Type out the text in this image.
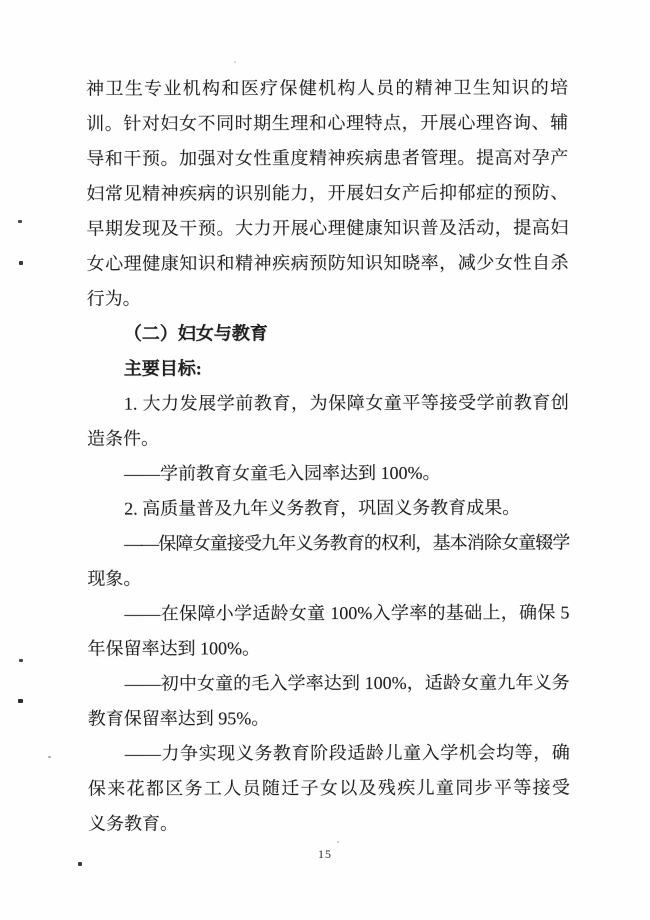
神卫生专业机构和医疗保健机构人员的精神卫生知识的培
训。针对妇女不同时期生理和心理特点，开展心理咨询、辅
导和干预。加强对女性重度精神疾病患者管理。提高对孕产
妇常见精神疾病的识别能力，开展妇女产后抑郁症的预防、
早期发现及干预。大力开展心理健康知识普及活动，提高妇
女心理健康知识和精神疾病预防知识知晓率，减少女性自杀
行为。
（二）妇女与教育
主要目标:
1. 大力发展学前教育，为保障女童平等接受学前教育创
造条件。
——学前教育女童毛入园率达到 100%。
2. 高质量普及九年义务教育，巩固义务教育成果。
——保障女童接受九年义务教育的权利，基本消除女童辍学
现象。
——在保障小学适龄女童 100%入学率的基础上，确保 5
年保留率达到 100%。
——初中女童的毛入学率达到 100%，适龄女童九年义务
教育保留率达到 95%。
——力争实现义务教育阶段适龄儿童入学机会均等，确
保来花都区务工人员随迁子女以及残疾儿童同步平等接受
义务教育。
15
